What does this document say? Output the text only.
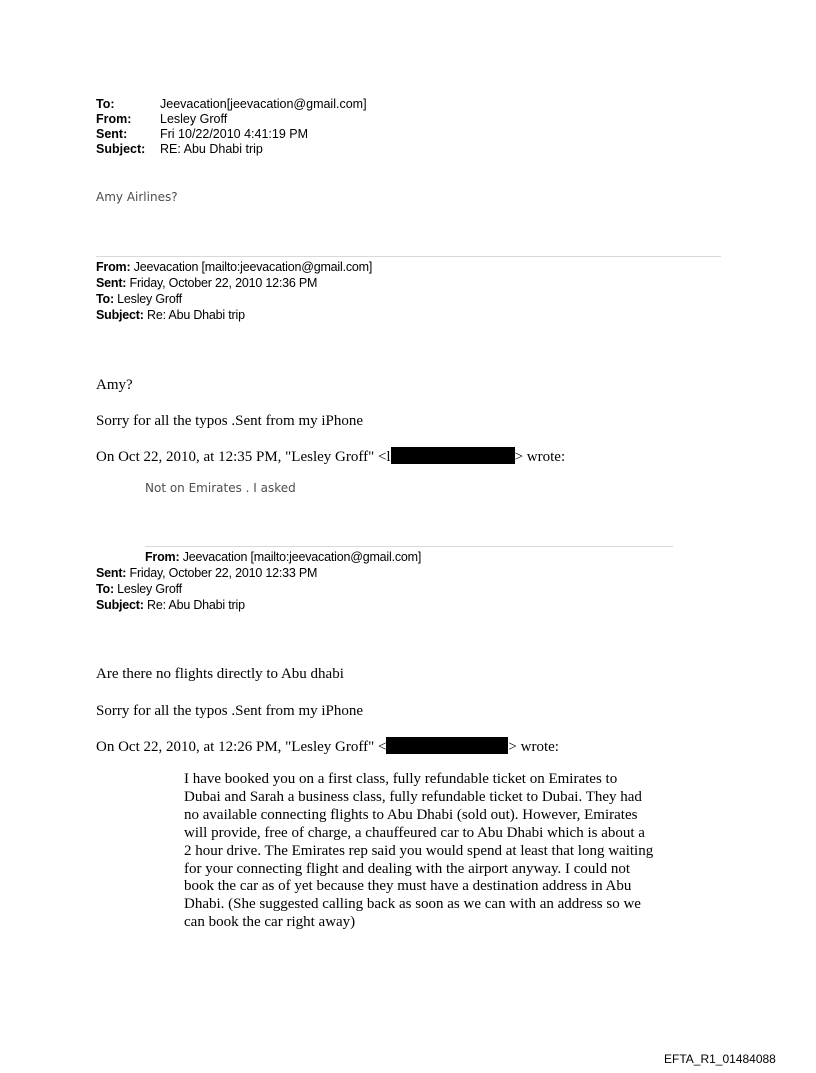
To:	Jeevacation[jeevacation@gmail.com]
From: Lesley Groff
Sent:	Fri 10/22/2010 4:41:19 PM
Subject: RE: Abu Dhabi trip
Amy Airlines?
From: Jeevacation [mailto:jeevacation@gmail.com]
Sent: Friday, October 22, 2010 12:36 PM
To: Lesley Groff
Subject: Re: Abu Dhabi trip
Amy?
Sorry for all the typos .Sent from my iPhone
On Oct 22, 2010, at 12:35 PM, "Lesley Groff" <l	> wrote:
Not on Emirates . I asked
From: Jeevacation [mailto:jeevacation@gmail.com]
Sent: Friday, October 22, 2010 12:33 PM
To: Lesley Groff
Subject: Re: Abu Dhabi trip
Are there no flights directly to Abu dhabi
Sorry for all the typos .Sent from my iPhone
On Oct 22, 2010, at 12:26 PM, "Lesley Groff" <	> wrote:
I have booked you on a first class, fully refundable ticket on Emirates to Dubai and Sarah a business class, fully refundable ticket to Dubai. They had no available connecting flights to Abu Dhabi (sold out). However, Emirates will provide, free of charge, a chauffeured car to Abu Dhabi which is about a 2 hour drive. The Emirates rep said you would spend at least that long waiting for your connecting flight and dealing with the airport anyway. I could not book the car as of yet because they must have a destination address in Abu Dhabi. (She suggested calling back as soon as we can with an address so we can book the car right away)
EFTA_R1_01484088
